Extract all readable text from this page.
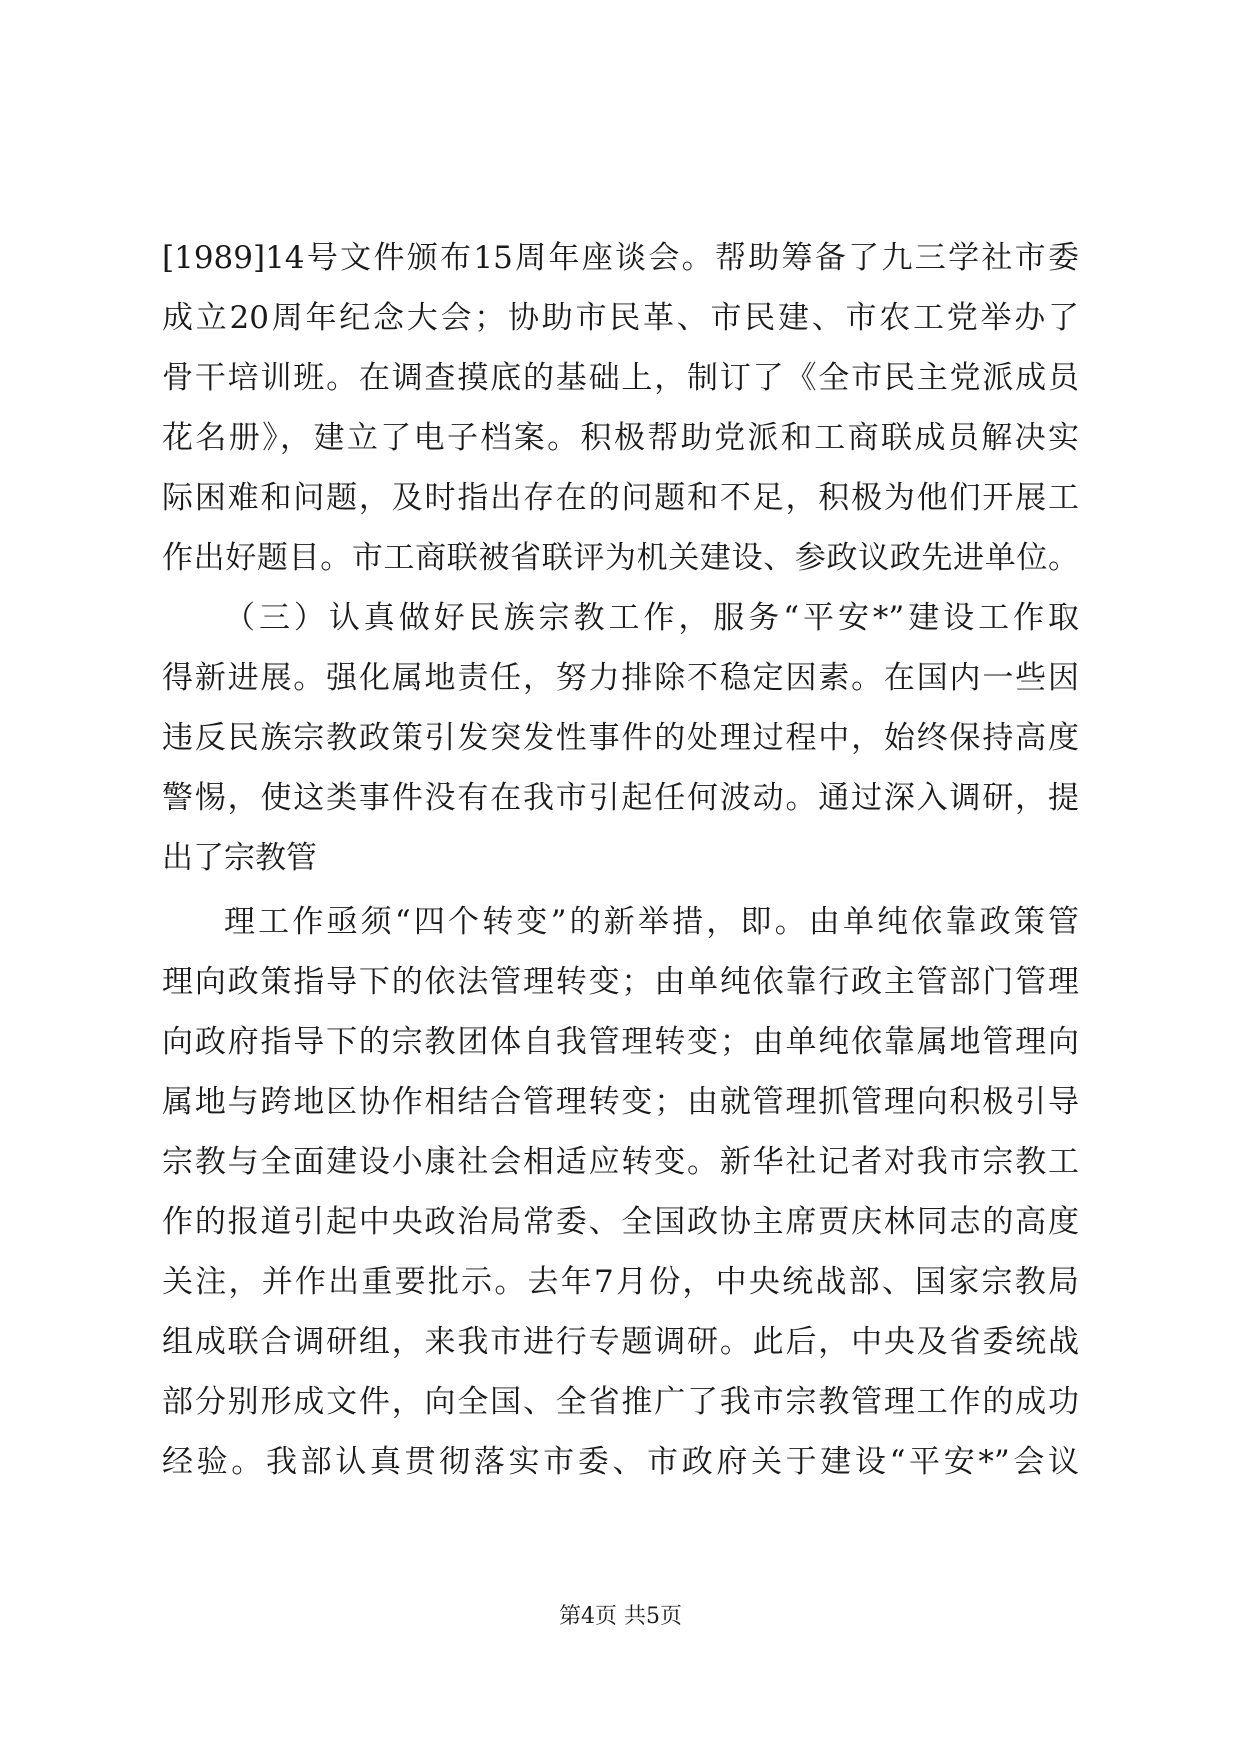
[1989]14号文件颁布15周年座谈会。帮助筹备了九三学社市委
成立20周年纪念大会；协助市民革、市民建、市农工党举办了
骨干培训班。在调查摸底的基础上，制订了《全市民主党派成员
花名册》，建立了电子档案。积极帮助党派和工商联成员解决实
际困难和问题，及时指出存在的问题和不足，积极为他们开展工
作出好题目。市工商联被省联评为机关建设、参政议政先进单位。
（三）认真做好民族宗教工作，服务“平安*”建设工作取
得新进展。强化属地责任，努力排除不稳定因素。在国内一些因
违反民族宗教政策引发突发性事件的处理过程中，始终保持高度
警惕，使这类事件没有在我市引起任何波动。通过深入调研，提
出了宗教管
理工作亟须“四个转变”的新举措，即。由单纯依靠政策管
理向政策指导下的依法管理转变；由单纯依靠行政主管部门管理
向政府指导下的宗教团体自我管理转变；由单纯依靠属地管理向
属地与跨地区协作相结合管理转变；由就管理抓管理向积极引导
宗教与全面建设小康社会相适应转变。新华社记者对我市宗教工
作的报道引起中央政治局常委、全国政协主席贾庆林同志的高度
关注，并作出重要批示。去年7月份，中央统战部、国家宗教局
组成联合调研组，来我市进行专题调研。此后，中央及省委统战
部分别形成文件，向全国、全省推广了我市宗教管理工作的成功
经验。我部认真贯彻落实市委、市政府关于建设“平安*”会议
第4页 共5页
